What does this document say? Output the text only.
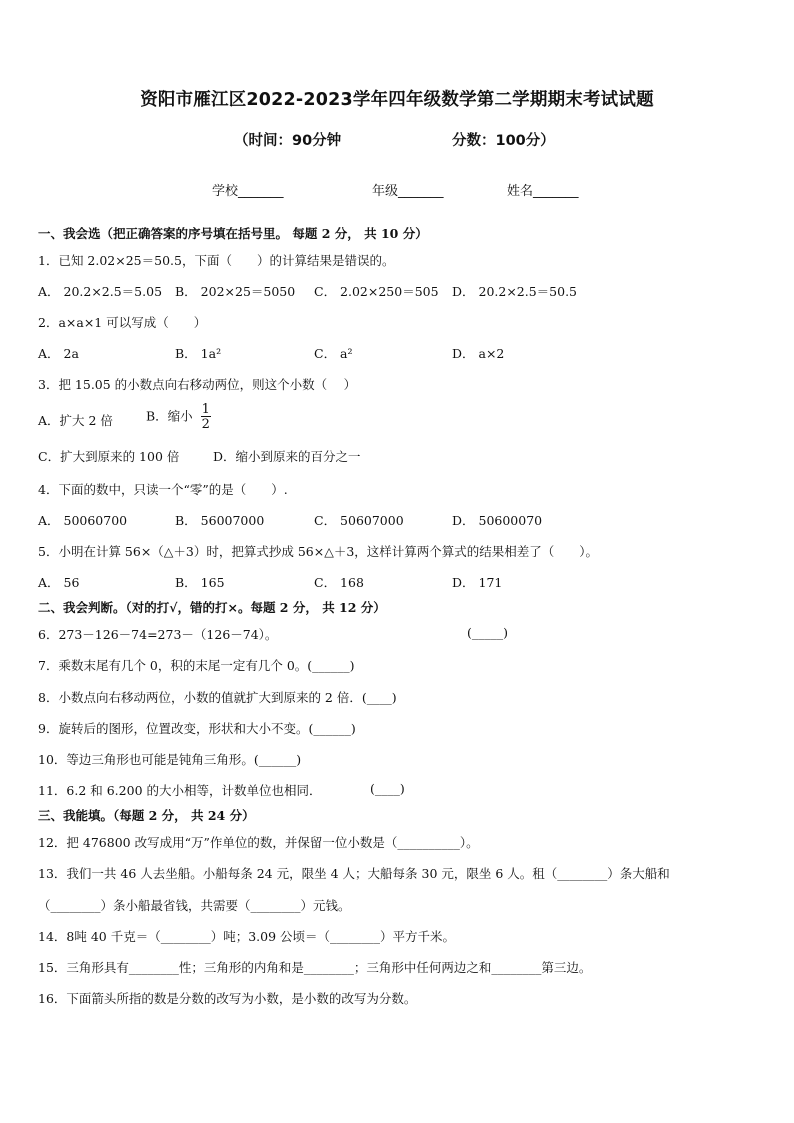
资阳市雁江区2022-2023学年四年级数学第二学期期末考试试题
（时间：90分钟	分数：100分）
学校_______	年级_______	姓名_______
一、我会选（把正确答案的序号填在括号里。 每题 2 分， 共 10 分）
1．已知 2.02×25＝50.5，下面（　　）的计算结果是错误的。
A． 20.2×2.5＝5.05 B． 202×25＝5050 C． 2.02×250＝505 D． 20.2×2.5＝50.5
2．a×a×1 可以写成（　　）
A． 2a	B． 1a²	C． a²	D． a×2
3．把 15.05 的小数点向右移动两位，则这个小数（　 ）
A．扩大 2 倍	B．缩小 $\frac{1}{2}$
C．扩大到原来的 100 倍	D．缩小到原来的百分之一
4．下面的数中，只读一个“零”的是（　　）.
A． 50060700	B． 56007000	C． 50607000	D． 50600070
5．小明在计算 56×（△＋3）时，把算式抄成 56×△＋3，这样计算两个算式的结果相差了（　　）。
A． 56	B． 165	C． 168	D． 171
二、我会判断。（对的打√，错的打×。每题 2 分， 共 12 分）
6．273－126－74=273－（126－74）。	(_____)
7．乘数末尾有几个 0，积的末尾一定有几个 0。(______)
8．小数点向右移动两位，小数的值就扩大到原来的 2 倍．(____)
9．旋转后的图形，位置改变，形状和大小不变。(______)
10．等边三角形也可能是钝角三角形。(______)
11．6.2 和 6.200 的大小相等，计数单位也相同．	(____)
三、我能填。（每题 2 分， 共 24 分）
12．把 476800 改写成用“万”作单位的数，并保留一位小数是（__________）。
13．我们一共 46 人去坐船。小船每条 24 元，限坐 4 人；大船每条 30 元，限坐 6 人。租（________）条大船和
（________）条小船最省钱，共需要（________）元钱。
14．8吨 40 千克＝（________）吨；3.09 公顷＝（________）平方千米。
15．三角形具有________性；三角形的内角和是________；三角形中任何两边之和________第三边。
16．下面箭头所指的数是分数的改写为小数，是小数的改写为分数。
